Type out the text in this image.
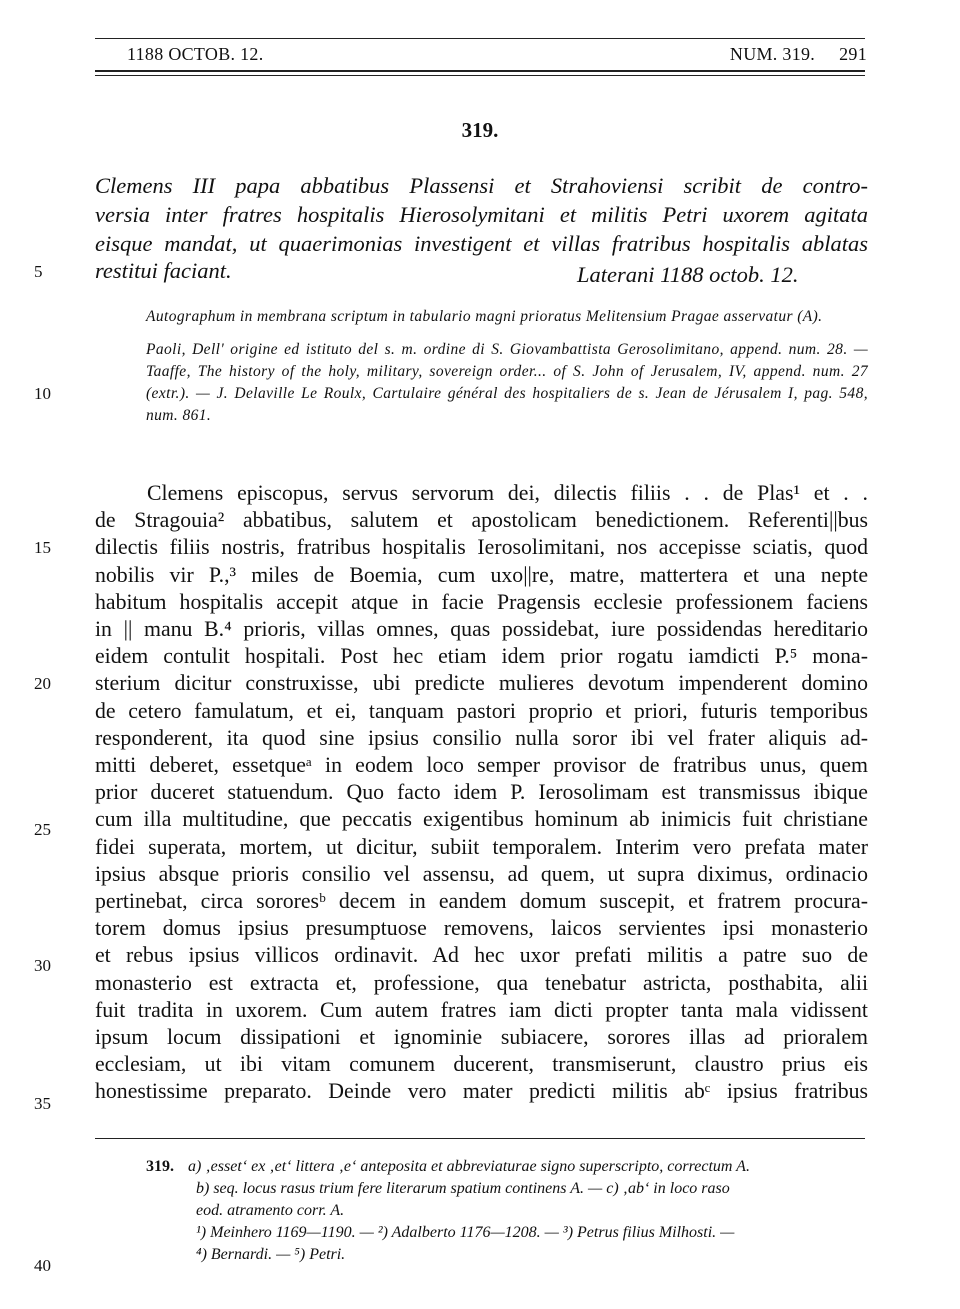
1188 OCTOB. 12.	NUM. 319. 291
319.
Clemens III papa abbatibus Plassensi et Strahoviensi scribit de contro-
versia inter fratres hospitalis Hierosolymitani et militis Petri uxorem agitata
eisque mandat, ut quaerimonias investigent et villas fratribus hospitalis ablatas
restitui faciant.	Laterani 1188 octob. 12.
5

Autographum in membrana scriptum in tabulario magni prioratus Melitensium Pragae asservatur (A).

Paoli, Dell' origine ed istituto del s. m. ordine di S. Giovambattista Gerosolimitano, append. num. 28. — Taaffe, The history of the holy, military, sovereign order... of S. John of Jerusalem, IV, append. num. 27 (extr.). — J. Delaville Le Roulx, Cartulaire général des hospitaliers de s. Jean de Jérusalem I, pag. 548, num. 861.

10
Clemens episcopus, servus servorum dei, dilectis filiis . . de Plas¹ et . .
de Stragouia² abbatibus, salutem et apostolicam benedictionem. Referenti||bus
dilectis filiis nostris, fratribus hospitalis Ierosolimitani, nos accepisse sciatis, quod
nobilis vir P.,³ miles de Boemia, cum uxo||re, matre, mattertera et una nepte
habitum hospitalis accepit atque in facie Pragensis ecclesie professionem faciens
in || manu B.⁴ prioris, villas omnes, quas possidebat, iure possidendas hereditario
eidem contulit hospitali. Post hec etiam idem prior rogatu iamdicti P.⁵ mona-
sterium dicitur construxisse, ubi predicte mulieres devotum impenderent domino
de cetero famulatum, et ei, tanquam pastori proprio et priori, futuris temporibus
responderent, ita quod sine ipsius consilio nulla soror ibi vel frater aliquis ad-
mitti deberet, essetqueᵃ in eodem loco semper provisor de fratribus unus, quem
prior duceret statuendum. Quo facto idem P. Ierosolimam est transmissus ibique
cum illa multitudine, que peccatis exigentibus hominum ab inimicis fuit christiane
fidei superata, mortem, ut dicitur, subiit temporalem. Interim vero prefata mater
ipsius absque prioris consilio vel assensu, ad quem, ut supra diximus, ordinacio
pertinebat, circa sororesᵇ decem in eandem domum suscepit, et fratrem procura-
torem domus ipsius presumptuose removens, laicos servientes ipsi monasterio
et rebus ipsius villicos ordinavit. Ad hec uxor prefati militis a patre suo de
monasterio est extracta et, professione, qua tenebatur astricta, posthabita, alii
fuit tradita in uxorem. Cum autem fratres iam dicti propter tanta mala vidissent
ipsum locum dissipationi et ignominie subiacere, sorores illas ad prioralem
ecclesiam, ut ibi vitam comunem ducerent, transmiserunt, claustro prius eis
honestissime preparato. Deinde vero mater predicti militis abᶜ ipsius fratribus
15
20
25
30
35
319. a) ‚esset‘ ex ‚et‘ littera ‚e‘ anteposita et abbreviaturae signo superscripto, correctum A.
b) seq. locus rasus trium fere literarum spatium continens A. — c) ‚ab‘ in loco raso
eod. atramento corr. A.
¹) Meinhero 1169—1190. — ²) Adalberto 1176—1208. — ³) Petrus filius Milhosti. —
⁴) Bernardi. — ⁵) Petri.
40
